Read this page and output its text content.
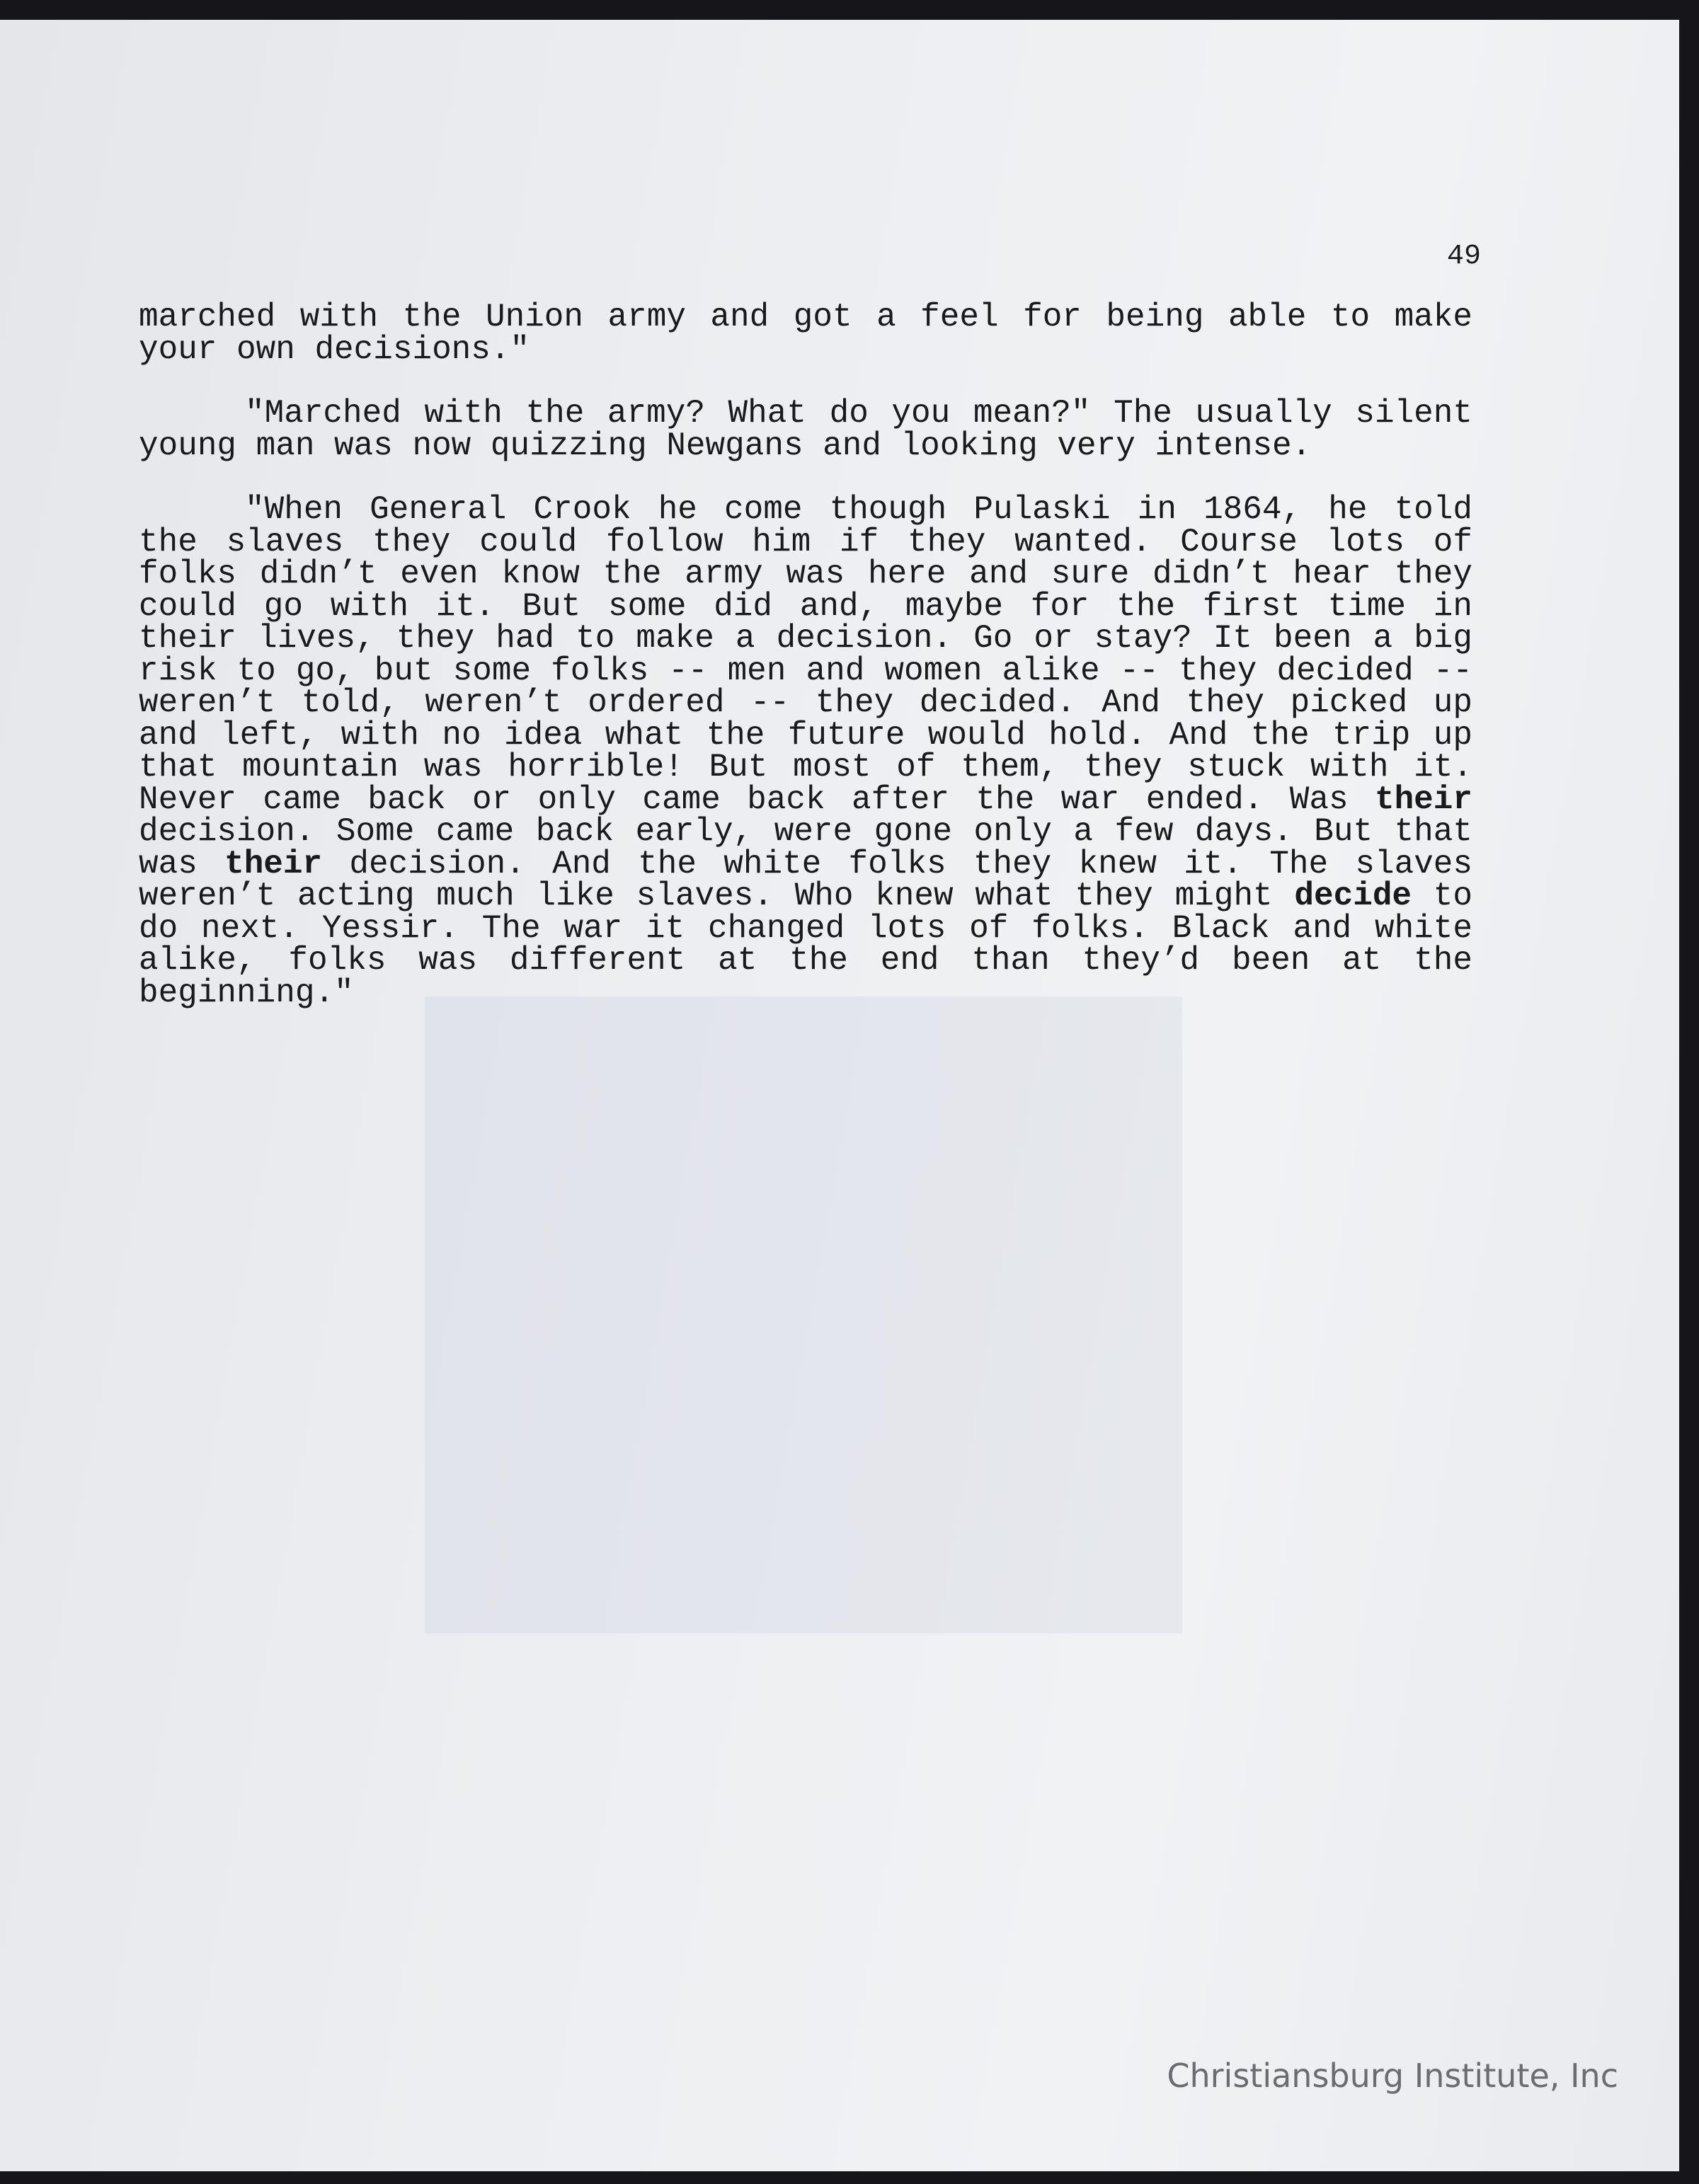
49

marched with the Union army and got a feel for being able to make your own decisions."

"Marched with the army? What do you mean?" The usually silent young man was now quizzing Newgans and looking very intense.

"When General Crook he come though Pulaski in 1864, he told the slaves they could follow him if they wanted. Course lots of folks didn’t even know the army was here and sure didn’t hear they could go with it. But some did and, maybe for the first time in their lives, they had to make a decision. Go or stay? It been a big risk to go, but some folks -- men and women alike -- they decided -- weren’t told, weren’t ordered -- they decided. And they picked up and left, with no idea what the future would hold. And the trip up that mountain was horrible! But most of them, they stuck with it. Never came back or only came back after the war ended. Was their decision. Some came back early, were gone only a few days. But that was their decision. And the white folks they knew it. The slaves weren’t acting much like slaves. Who knew what they might decide to do next. Yessir. The war it changed lots of folks. Black and white alike, folks was different at the end than they’d been at the beginning."

Christiansburg Institute, Inc
